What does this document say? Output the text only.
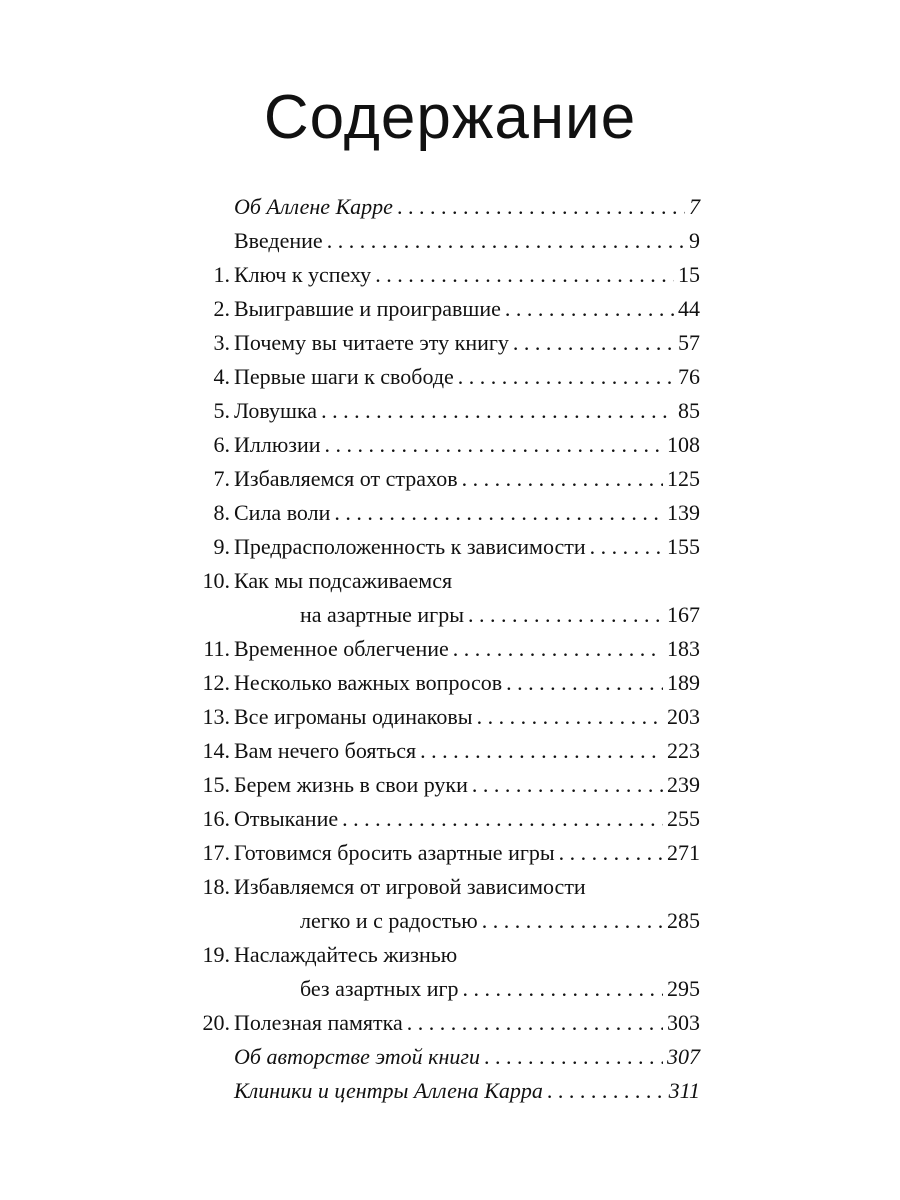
Содержание
Об Аллене Карре . . .	7
Введение . . .	9
1. Ключ к успеху . . .	15
2. Выигравшие и проигравшие . . .	44
3. Почему вы читаете эту книгу . . .	57
4. Первые шаги к свободе . . .	76
5. Ловушка . . .	85
6. Иллюзии . . .	108
7. Избавляемся от страхов . . .	125
8. Сила воли . . .	139
9. Предрасположенность к зависимости . . .	155
10. Как мы подсаживаемся
на азартные игры . . .	167
11. Временное облегчение . . .	183
12. Несколько важных вопросов . . .	189
13. Все игроманы одинаковы . . .	203
14. Вам нечего бояться . . .	223
15. Берем жизнь в свои руки . . .	239
16. Отвыкание . . .	255
17. Готовимся бросить азартные игры . . .	271
18. Избавляемся от игровой зависимости
легко и с радостью . . .	285
19. Наслаждайтесь жизнью
без азартных игр . . .	295
20. Полезная памятка . . .	303
Об авторстве этой книги . . .	307
Клиники и центры Аллена Карра . . .	311
